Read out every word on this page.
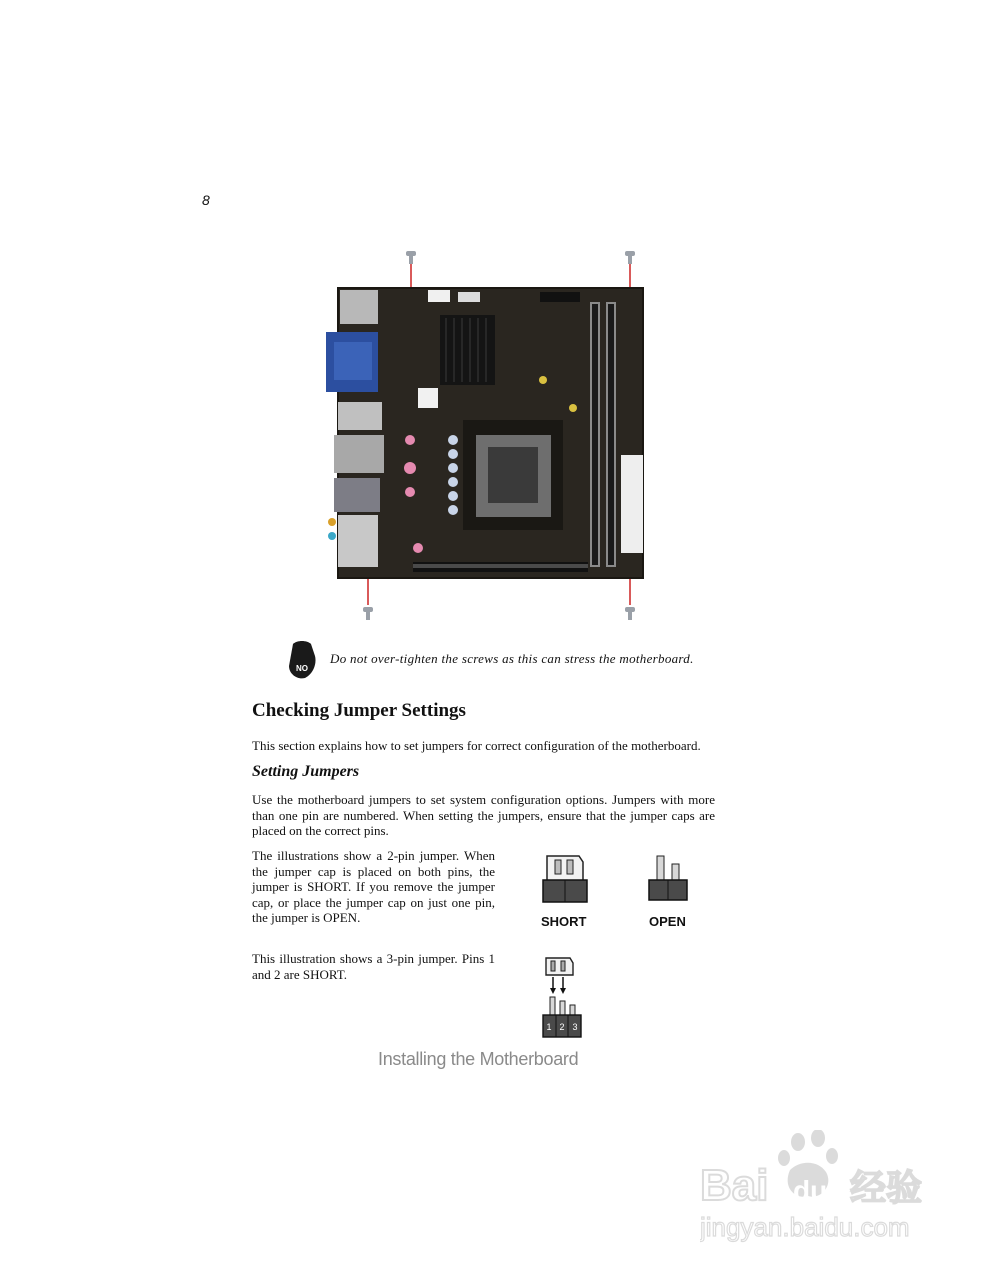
8
NO
Do not over-tighten the screws as this can stress the motherboard.
Checking Jumper Settings
This section explains how to set jumpers for correct configuration of the motherboard.
Setting Jumpers
Use the motherboard jumpers to set system configuration options. Jumpers with more than one pin are numbered. When setting the jumpers, ensure that the jumper caps are placed on the correct pins.
The illustrations show a 2-pin jumper. When the jumper cap is placed on both pins, the jumper is SHORT. If you remove the jumper cap, or place the jumper cap on just one pin, the jumper is OPEN.
This illustration shows a 3-pin jumper. Pins 1 and 2 are SHORT.
SHORT	OPEN
1 2 3
Installing the Motherboard
Bai du 经验
jingyan.baidu.com
